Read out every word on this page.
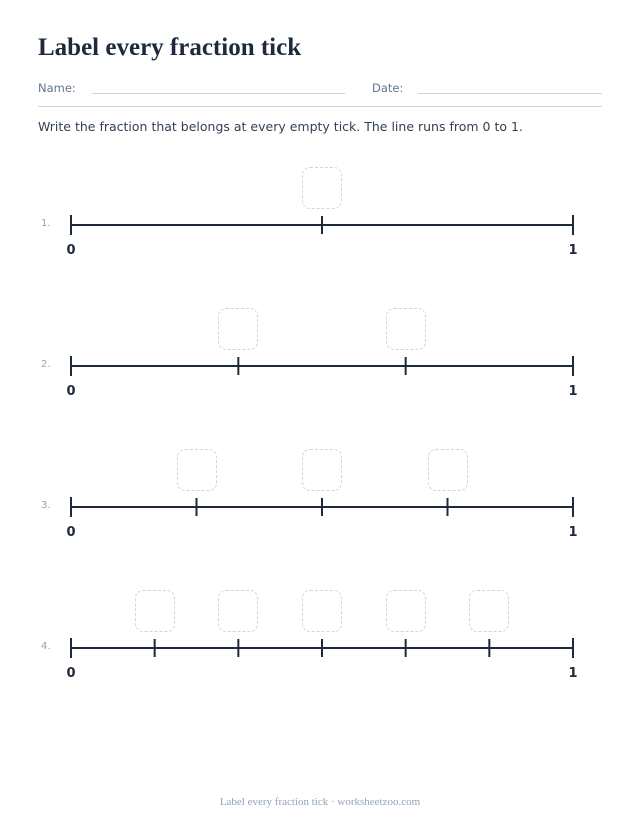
Label every fraction tick
Name:	Date:
Write the fraction that belongs at every empty tick. The line runs from 0 to 1.
1.
0	1
2.
0	1
3.
0	1
4.
0	1
Label every fraction tick · worksheetzoo.com
